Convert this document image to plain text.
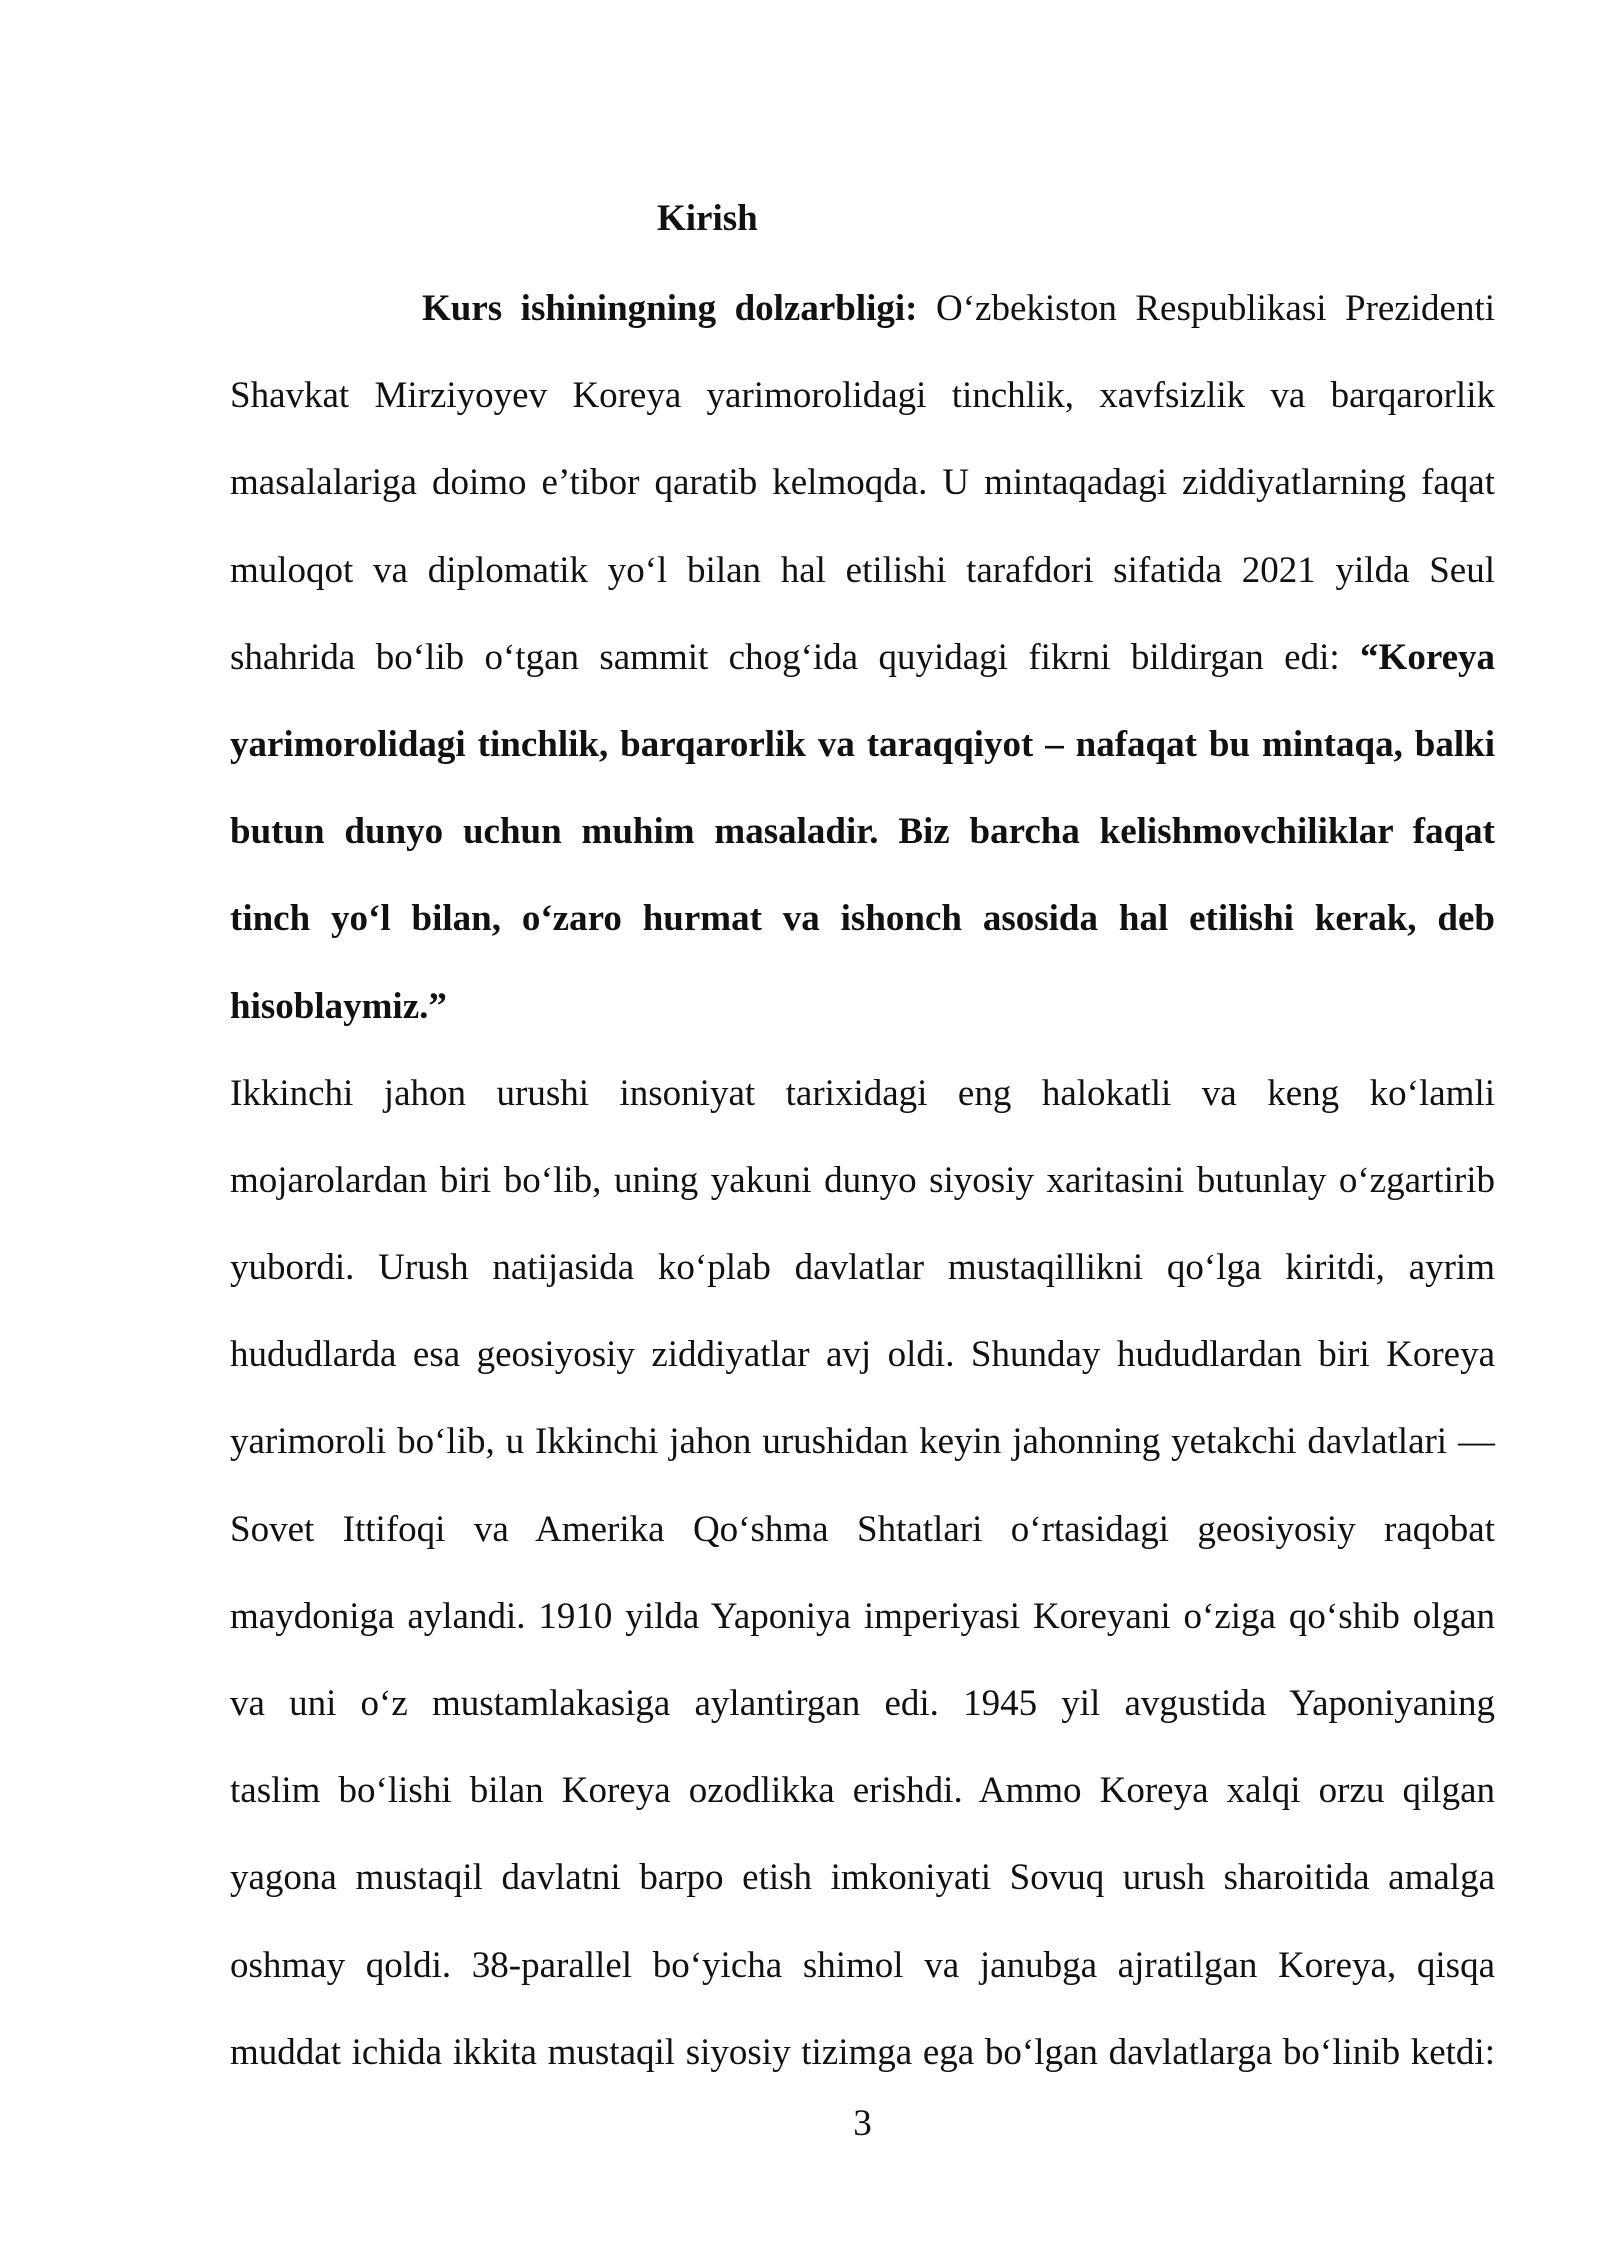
Kirish
Kurs ishiningning dolzarbligi: O‘zbekiston Respublikasi Prezidenti
Shavkat Mirziyoyev Koreya yarimorolidagi tinchlik, xavfsizlik va barqarorlik
masalalariga doimo e’tibor qaratib kelmoqda. U mintaqadagi ziddiyatlarning faqat
muloqot va diplomatik yo‘l bilan hal etilishi tarafdori sifatida 2021 yilda Seul
shahrida bo‘lib o‘tgan sammit chog‘ida quyidagi fikrni bildirgan edi: “Koreya
yarimorolidagi tinchlik, barqarorlik va taraqqiyot – nafaqat bu mintaqa, balki
butun dunyo uchun muhim masaladir. Biz barcha kelishmovchiliklar faqat
tinch yo‘l bilan, o‘zaro hurmat va ishonch asosida hal etilishi kerak, deb
hisoblaymiz.”
Ikkinchi jahon urushi insoniyat tarixidagi eng halokatli va keng ko‘lamli
mojarolardan biri bo‘lib, uning yakuni dunyo siyosiy xaritasini butunlay o‘zgartirib
yubordi. Urush natijasida ko‘plab davlatlar mustaqillikni qo‘lga kiritdi, ayrim
hududlarda esa geosiyosiy ziddiyatlar avj oldi. Shunday hududlardan biri Koreya
yarimoroli bo‘lib, u Ikkinchi jahon urushidan keyin jahonning yetakchi davlatlari —
Sovet Ittifoqi va Amerika Qo‘shma Shtatlari o‘rtasidagi geosiyosiy raqobat
maydoniga aylandi. 1910 yilda Yaponiya imperiyasi Koreyani o‘ziga qo‘shib olgan
va uni o‘z mustamlakasiga aylantirgan edi. 1945 yil avgustida Yaponiyaning
taslim bo‘lishi bilan Koreya ozodlikka erishdi. Ammo Koreya xalqi orzu qilgan
yagona mustaqil davlatni barpo etish imkoniyati Sovuq urush sharoitida amalga
oshmay qoldi. 38-parallel bo‘yicha shimol va janubga ajratilgan Koreya, qisqa
muddat ichida ikkita mustaqil siyosiy tizimga ega bo‘lgan davlatlarga bo‘linib ketdi:
3
